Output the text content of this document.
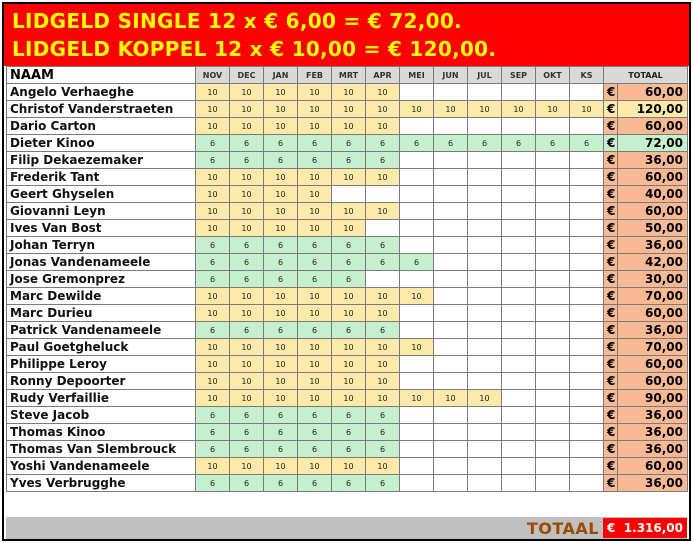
LIDGELD SINGLE 12 x € 6,00 = € 72,00.
LIDGELD KOPPEL 12 x € 10,00 = € 120,00.
NAAM	NOV	DEC	JAN	FEB	MRT	APR	MEI	JUN	JUL	SEP	OKT	KS	TOTAAL	
Angelo Verhaeghe	10	10	10	10	10	10							€	60,00
Christof Vanderstraeten	10	10	10	10	10	10	10	10	10	10	10	10	€	120,00
Dario Carton	10	10	10	10	10	10							€	60,00
Dieter Kinoo	6	6	6	6	6	6	6	6	6	6	6	6	€	72,00
Filip Dekaezemaker	6	6	6	6	6	6							€	36,00
Frederik Tant	10	10	10	10	10	10							€	60,00
Geert Ghyselen	10	10	10	10									€	40,00
Giovanni Leyn	10	10	10	10	10	10							€	60,00
Ives Van Bost	10	10	10	10	10								€	50,00
Johan Terryn	6	6	6	6	6	6							€	36,00
Jonas Vandenameele	6	6	6	6	6	6	6						€	42,00
Jose Gremonprez	6	6	6	6	6								€	30,00
Marc Dewilde	10	10	10	10	10	10	10						€	70,00
Marc Durieu	10	10	10	10	10	10							€	60,00
Patrick Vandenameele	6	6	6	6	6	6							€	36,00
Paul Goetgheluck	10	10	10	10	10	10	10						€	70,00
Philippe Leroy	10	10	10	10	10	10							€	60,00
Ronny Depoorter	10	10	10	10	10	10							€	60,00
Rudy Verfaillie	10	10	10	10	10	10	10	10	10				€	90,00
Steve Jacob	6	6	6	6	6	6							€	36,00
Thomas Kinoo	6	6	6	6	6	6							€	36,00
Thomas Van Slembrouck	6	6	6	6	6	6							€	36,00
Yoshi Vandenameele	10	10	10	10	10	10							€	60,00
Yves Verbrugghe	6	6	6	6	6	6							€	36,00
TOTAAL € 1.316,00
